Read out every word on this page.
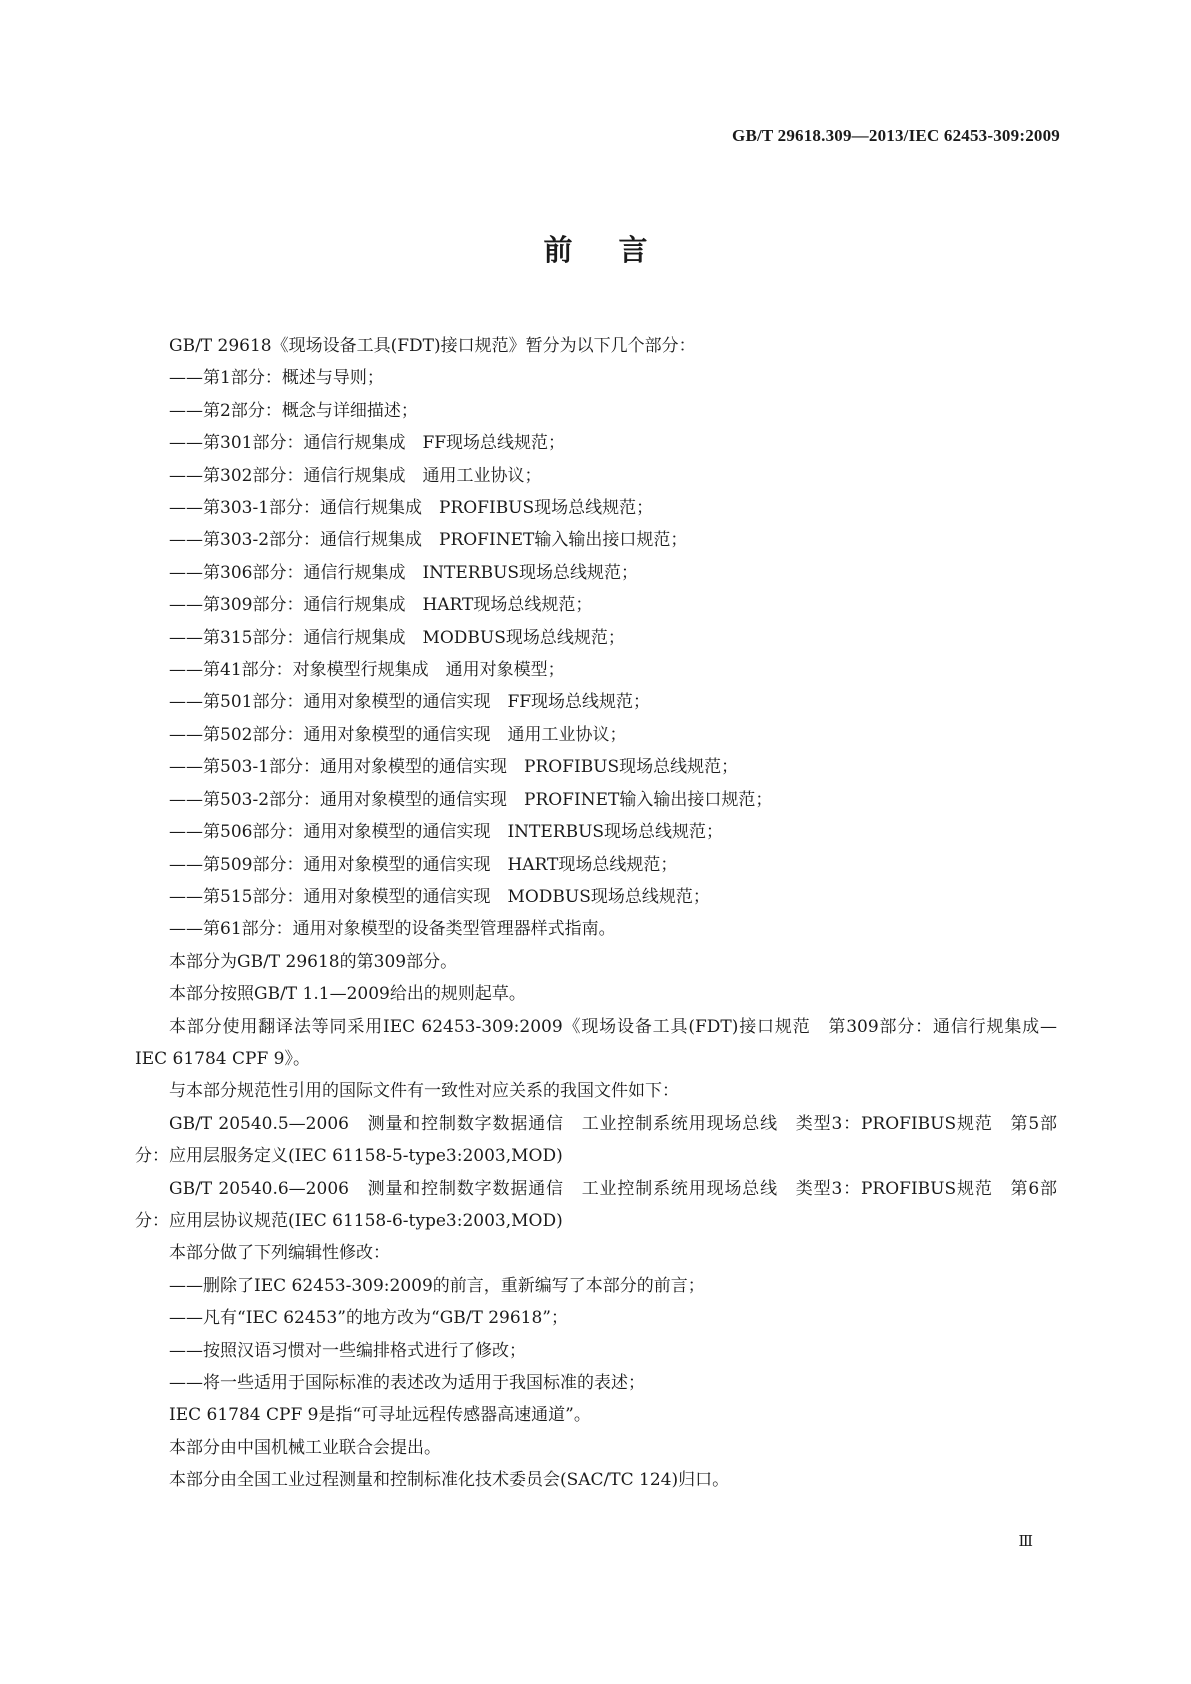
GB/T 29618.309—2013/IEC 62453-309:2009
前言

GB/T 29618《现场设备工具(FDT)接口规范》暂分为以下几个部分：

——第1部分：概述与导则；

——第2部分：概念与详细描述；

——第301部分：通信行规集成　FF现场总线规范；

——第302部分：通信行规集成　通用工业协议；

——第303-1部分：通信行规集成　PROFIBUS现场总线规范；

——第303-2部分：通信行规集成　PROFINET输入输出接口规范；

——第306部分：通信行规集成　INTERBUS现场总线规范；

——第309部分：通信行规集成　HART现场总线规范；

——第315部分：通信行规集成　MODBUS现场总线规范；

——第41部分：对象模型行规集成　通用对象模型；

——第501部分：通用对象模型的通信实现　FF现场总线规范；

——第502部分：通用对象模型的通信实现　通用工业协议；

——第503-1部分：通用对象模型的通信实现　PROFIBUS现场总线规范；

——第503-2部分：通用对象模型的通信实现　PROFINET输入输出接口规范；

——第506部分：通用对象模型的通信实现　INTERBUS现场总线规范；

——第509部分：通用对象模型的通信实现　HART现场总线规范；

——第515部分：通用对象模型的通信实现　MODBUS现场总线规范；

——第61部分：通用对象模型的设备类型管理器样式指南。

本部分为GB/T 29618的第309部分。

本部分按照GB/T 1.1—2009给出的规则起草。

本部分使用翻译法等同采用IEC 62453-309:2009《现场设备工具(FDT)接口规范　第309部分：通信行规集成—IEC 61784 CPF 9》。

与本部分规范性引用的国际文件有一致性对应关系的我国文件如下：

GB/T 20540.5—2006　测量和控制数字数据通信　工业控制系统用现场总线　类型3：PROFIBUS规范　第5部分：应用层服务定义(IEC 61158-5-type3:2003,MOD)

GB/T 20540.6—2006　测量和控制数字数据通信　工业控制系统用现场总线　类型3：PROFIBUS规范　第6部分：应用层协议规范(IEC 61158-6-type3:2003,MOD)

本部分做了下列编辑性修改：

——删除了IEC 62453-309:2009的前言，重新编写了本部分的前言；

——凡有“IEC 62453”的地方改为“GB/T 29618”；

——按照汉语习惯对一些编排格式进行了修改；

——将一些适用于国际标准的表述改为适用于我国标准的表述；

IEC 61784 CPF 9是指“可寻址远程传感器高速通道”。

本部分由中国机械工业联合会提出。

本部分由全国工业过程测量和控制标准化技术委员会(SAC/TC 124)归口。

Ⅲ
